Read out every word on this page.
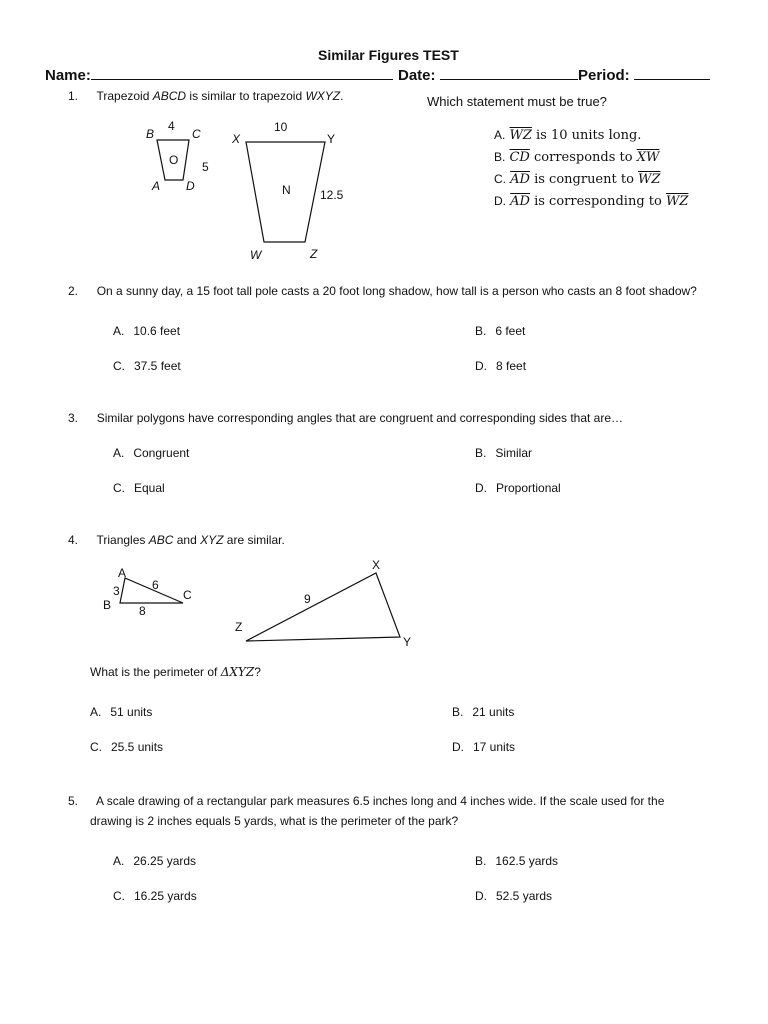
Similar Figures TEST
Name:	Date:	Period:
1. Trapezoid ABCD is similar to trapezoid WXYZ.	Which statement must be true?
B	C
A D
O
4
5
X	Y
W	Z
N
10
12.5
A. $\overline{WZ}$ is 10 units long.
B. $\overline{CD}$ corresponds to $\overline{XW}$
C. $\overline{AD}$ is congruent to $\overline{WZ}$
D. $\overline{AD}$ is corresponding to $\overline{WZ}$
2. On a sunny day, a 15 foot tall pole casts a 20 foot long shadow, how tall is a person who casts an 8 foot shadow?
A. 10.6 feet	B. 6 feet
C. 37.5 feet	D. 8 feet
3. Similar polygons have corresponding angles that are congruent and corresponding sides that are…
A. Congruent	B. Similar
C. Equal	D. Proportional
4. Triangles ABC and XYZ are similar.
A
B
C
3	6
8
X
Y
Z
9
What is the perimeter of ΔXYZ?
A. 51 units	B. 21 units
C. 25.5 units	D. 17 units
5. A scale drawing of a rectangular park measures 6.5 inches long and 4 inches wide. If the scale used for the
drawing is 2 inches equals 5 yards, what is the perimeter of the park?
A. 26.25 yards	B. 162.5 yards
C. 16.25 yards	D. 52.5 yards
